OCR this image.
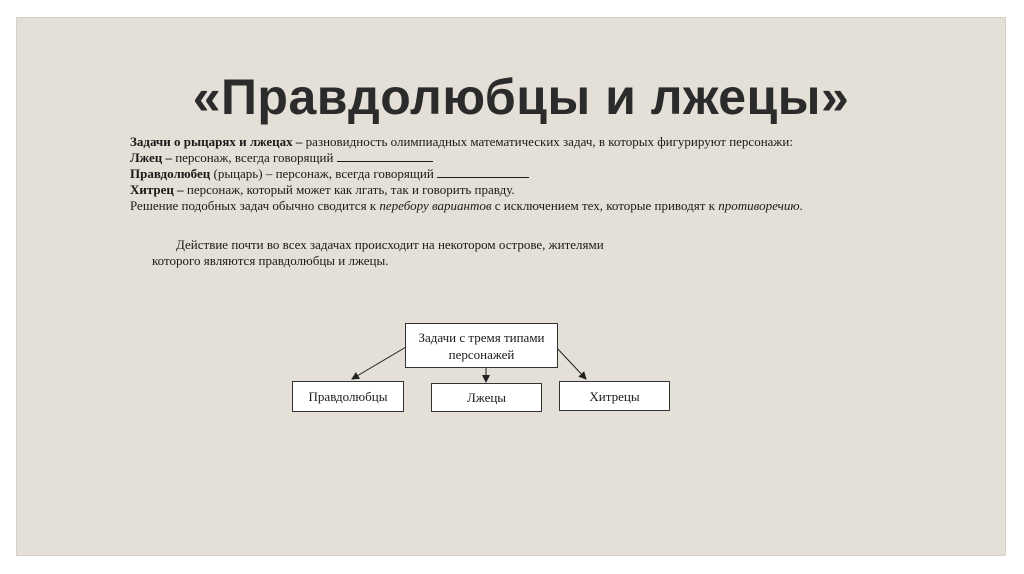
«Правдолюбцы и лжецы»

Задачи о рыцарях и лжецах – разновидность олимпиадных математических задач, в которых фигурируют персонажи:

Лжец – персонаж, всегда говорящий

Правдолюбец (рыцарь) – персонаж, всегда говорящий

Хитрец – персонаж, который может как лгать, так и говорить правду.

Решение подобных задач обычно сводится к перебору вариантов с исключением тех, которые приводят к противоречию.

Действие почти во всех задачах происходит на некотором острове, жителями
которого являются правдолюбцы и лжецы.
Задачи с тремя типами персонажей
Правдолюбцы	Лжецы	Хитрецы
